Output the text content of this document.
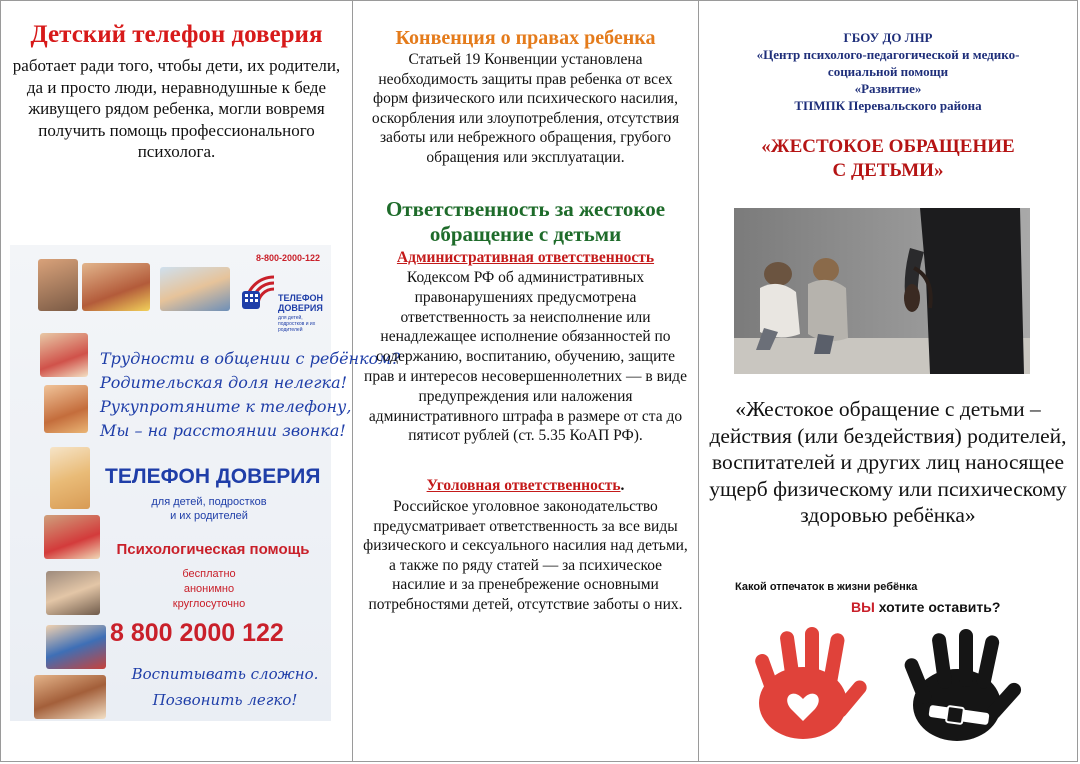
Детский телефон доверия
работает ради того, чтобы дети, их родители, да и просто люди, неравнодушные к беде живущего рядом ребенка, могли вовремя получить помощь профессионального психолога.
8-800-2000-122
ТЕЛЕФОН
ДОВЕРИЯ
для детей, подростков и их родителей
Трудности в общении с ребёнком?
Родительская доля нелегка!
Рукупротяните к телефону,
Мы – на расстоянии звонка!
ТЕЛЕФОН ДОВЕРИЯ
для детей, подростков
и их родителей
Психологическая помощь
бесплатно
анонимно
круглосуточно
8 800 2000 122
Воспитывать сложно.
Позвонить легко!
Конвенция о правах ребенка
Статьей 19 Конвенции установлена необходимость защиты прав ребенка от всех форм физического или психического насилия, оскорбления или злоупотребления, отсутствия заботы или небрежного обращения, грубого обращения или эксплуатации.
Ответственность за жестокое
обращение с детьми
Административная ответственность
Кодексом РФ об административных правонарушениях предусмотрена ответственность за неисполнение или ненадлежащее исполнение обязанностей по содержанию, воспитанию, обучению, защите прав и интересов несовершеннолетних — в виде предупреждения или наложения административного штрафа в размере от ста до пятисот рублей (ст. 5.35 КоАП РФ).
Уголовная ответственность.
Российское уголовное законодательство предусматривает ответственность за все виды физического и сексуального насилия над детьми, а также по ряду статей — за психическое насилие и за пренебрежение основными потребностями детей, отсутствие заботы о них.
ГБОУ ДО ЛНР
«Центр психолого-педагогической и медико-
социальной помощи
«Развитие»
ТПМПК Перевальского района
«ЖЕСТОКОЕ ОБРАЩЕНИЕ
С ДЕТЬМИ»
«Жестокое обращение с детьми – действия (или бездействия) родителей, воспитателей и других лиц наносящее ущерб физическому или психическому здоровью ребёнка»
Какой отпечаток в жизни ребёнка
ВЫ хотите оставить?
